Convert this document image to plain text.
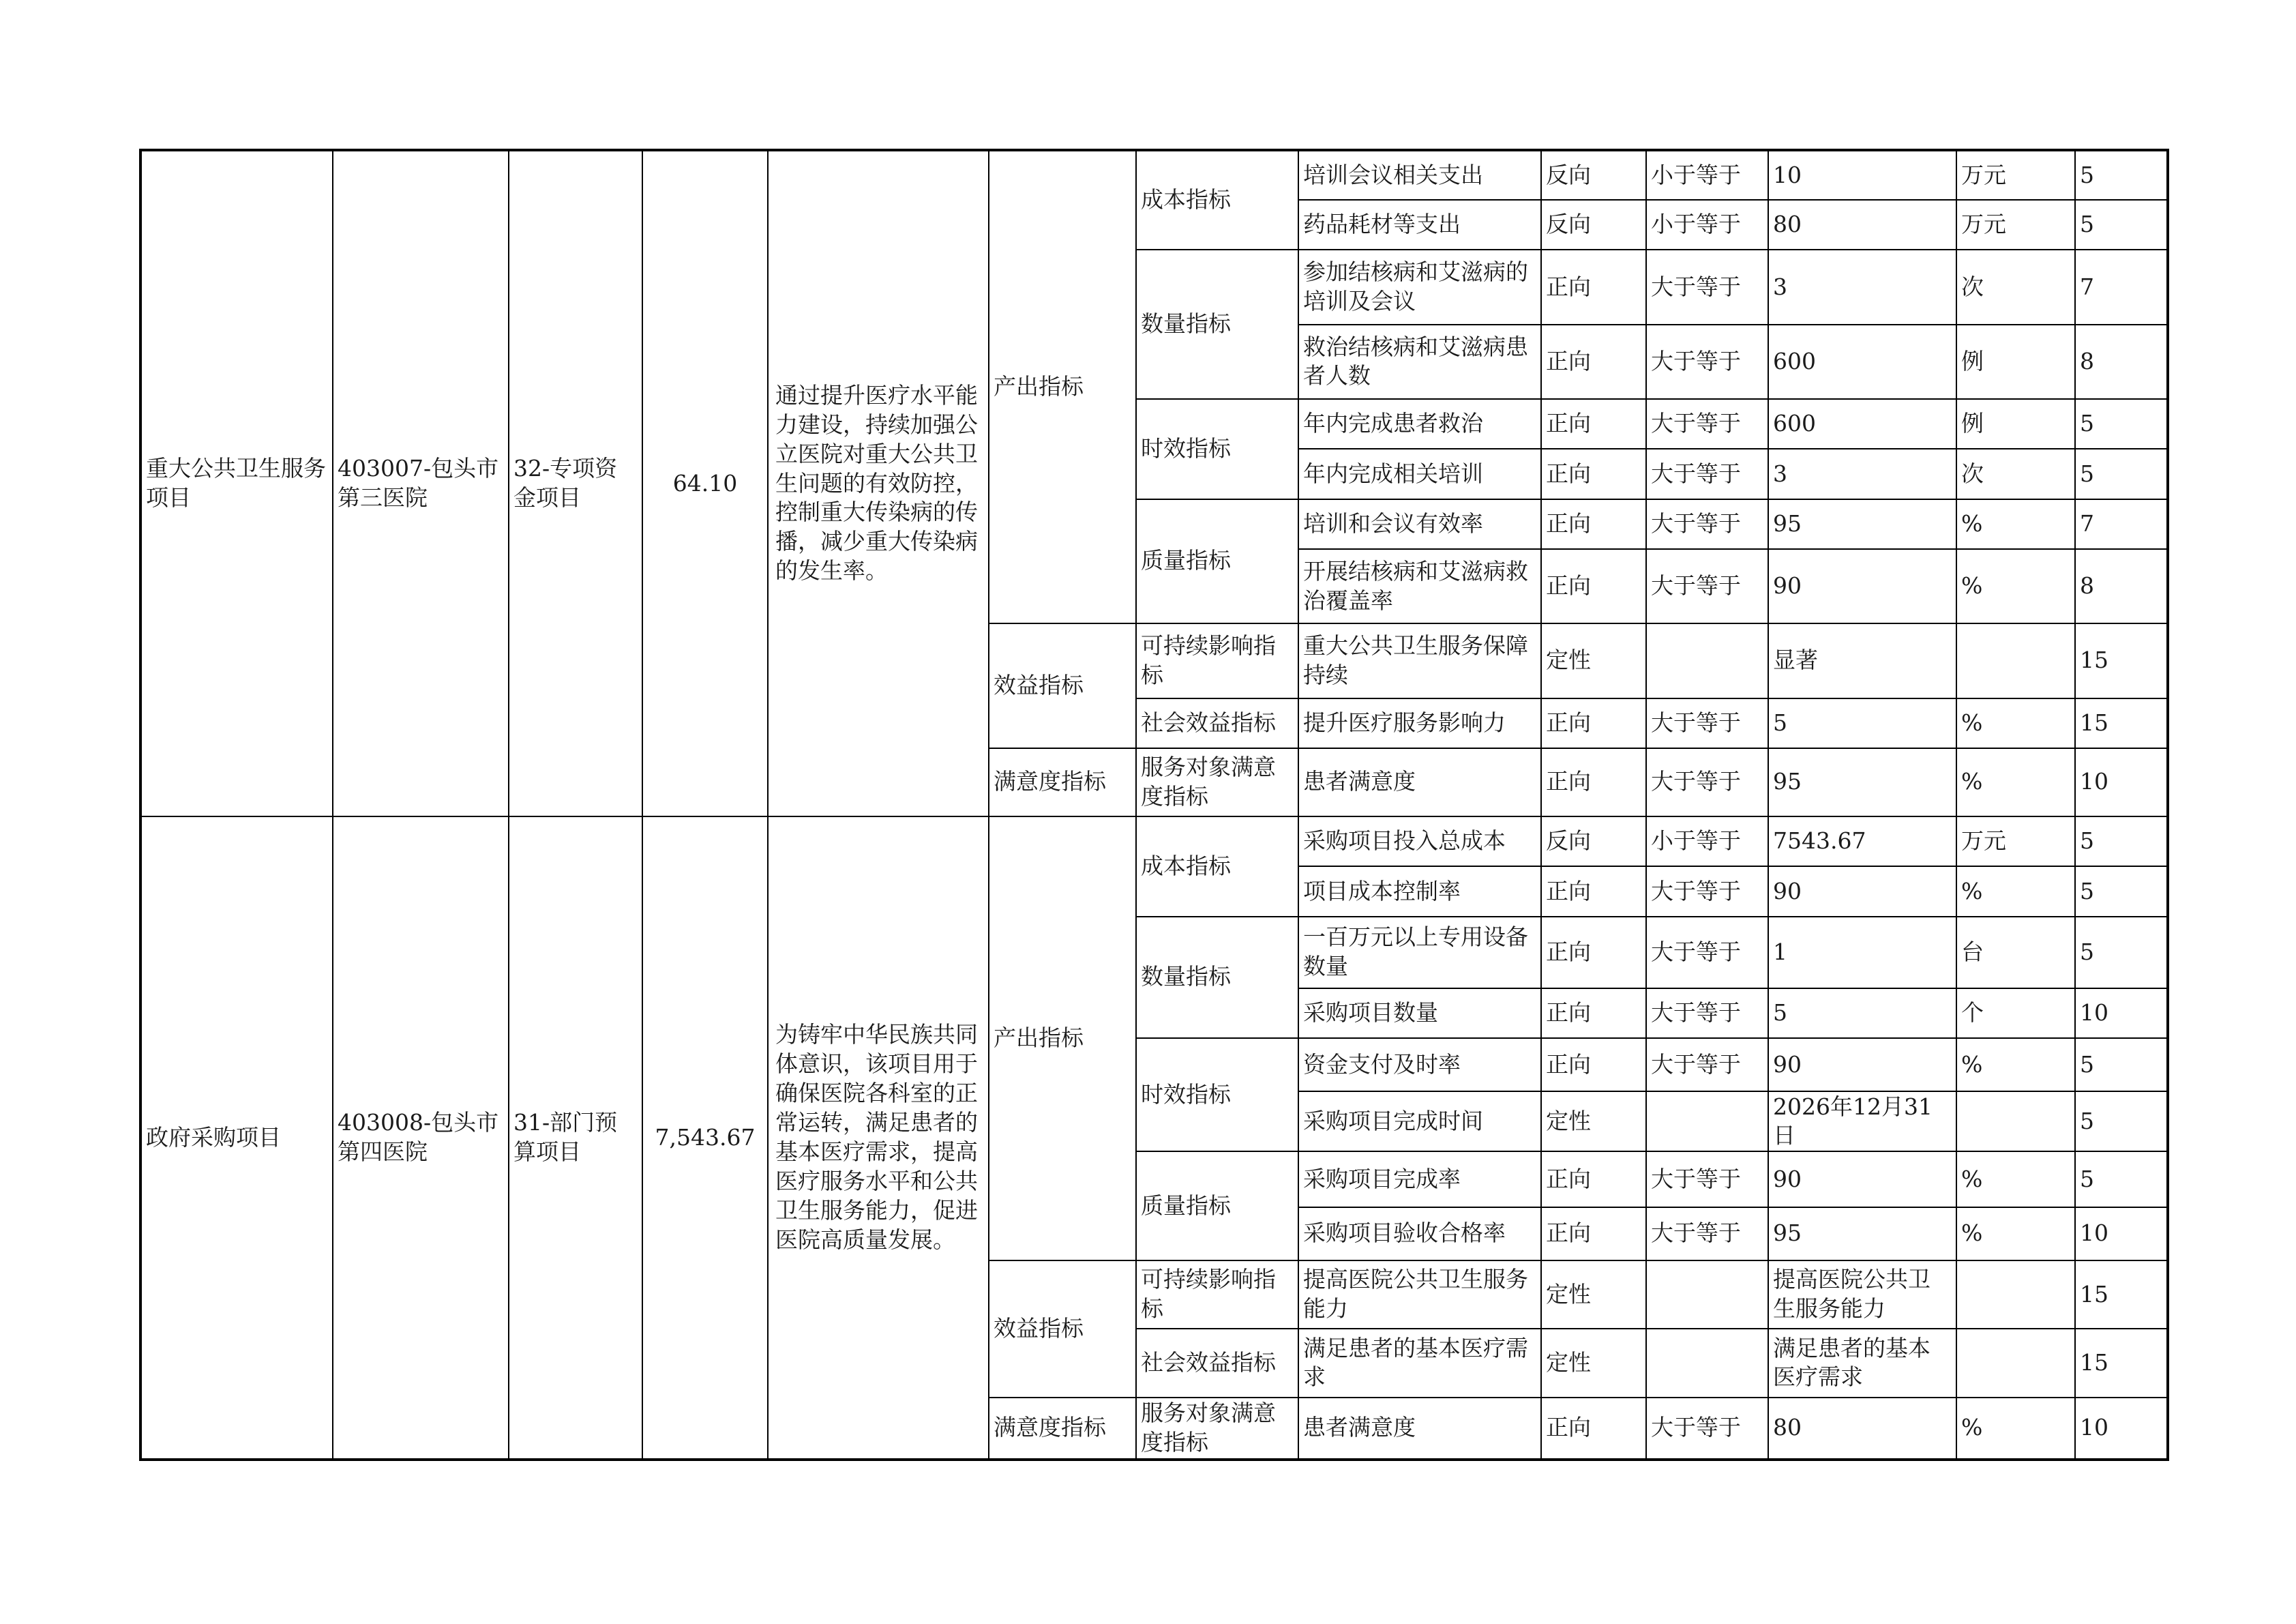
重大公共卫生服务项目	403007-包头市第三医院	32-专项资金项目	64.10	通过提升医疗水平能力建设，持续加强公立医院对重大公共卫生问题的有效防控，控制重大传染病的传播，减少重大传染病的发生率。	产出指标	成本指标	培训会议相关支出	反向	小于等于	10	万元	5
							药品耗材等支出	反向	小于等于	80	万元	5
						数量指标	参加结核病和艾滋病的培训及会议	正向	大于等于	3	次	7
							救治结核病和艾滋病患者人数	正向	大于等于	600	例	8
						时效指标	年内完成患者救治	正向	大于等于	600	例	5
							年内完成相关培训	正向	大于等于	3	次	5
						质量指标	培训和会议有效率	正向	大于等于	95	%	7
							开展结核病和艾滋病救治覆盖率	正向	大于等于	90	%	8
					效益指标	可持续影响指标	重大公共卫生服务保障持续	定性		显著		15
						社会效益指标	提升医疗服务影响力	正向	大于等于	5	%	15
					满意度指标	服务对象满意度指标	患者满意度	正向	大于等于	95	%	10
政府采购项目	403008-包头市第四医院	31-部门预算项目	7,543.67	为铸牢中华民族共同体意识，该项目用于确保医院各科室的正常运转，满足患者的基本医疗需求，提高医疗服务水平和公共卫生服务能力，促进医院高质量发展。	产出指标	成本指标	采购项目投入总成本	反向	小于等于	7543.67	万元	5
							项目成本控制率	正向	大于等于	90	%	5
						数量指标	一百万元以上专用设备数量	正向	大于等于	1	台	5
							采购项目数量	正向	大于等于	5	个	10
						时效指标	资金支付及时率	正向	大于等于	90	%	5
							采购项目完成时间	定性		2026年12月31日		5
						质量指标	采购项目完成率	正向	大于等于	90	%	5
							采购项目验收合格率	正向	大于等于	95	%	10
					效益指标	可持续影响指标	提高医院公共卫生服务能力	定性		提高医院公共卫生服务能力		15
						社会效益指标	满足患者的基本医疗需求	定性		满足患者的基本医疗需求		15
					满意度指标	服务对象满意度指标	患者满意度	正向	大于等于	80	%	10
